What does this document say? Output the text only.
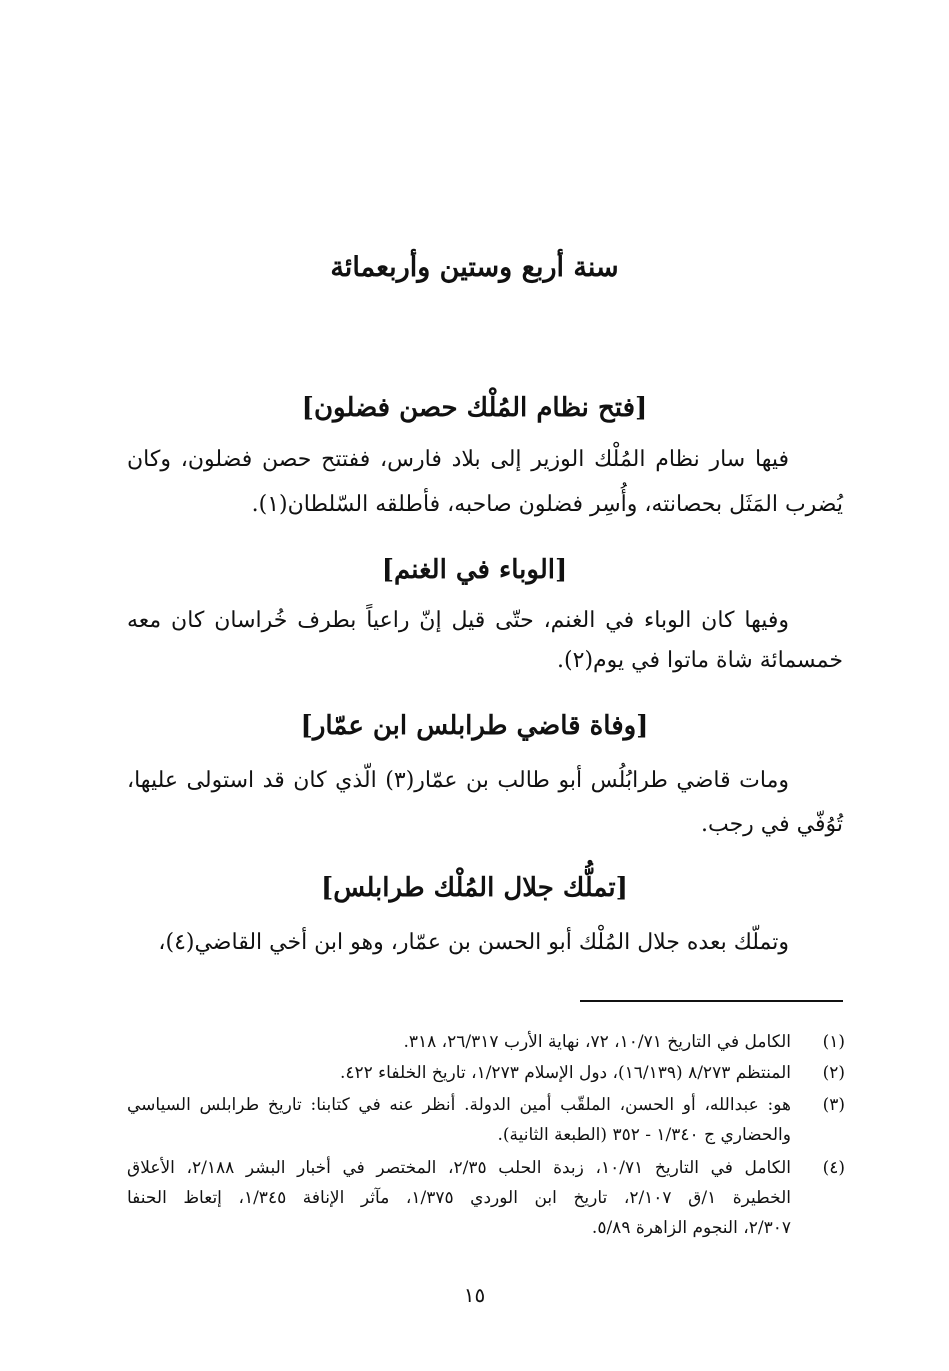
سنة أربع وستين وأربعمائة
[فتح نظام المُلْك حصن فضلون]
فيها سار نظام المُلْك الوزير إلى بلاد فارس، ففتتح حصن فضلون، وكان
يُضرب المَثَل بحصانته، وأُسِر فضلون صاحبه، فأطلقه السّلطان(١).
[الوباء في الغنم]
وفيها كان الوباء في الغنم، حتّى قيل إنّ راعياً بطرف خُراسان كان معه
خمسمائة شاة ماتوا في يوم(٢).
[وفاة قاضي طرابلس ابن عمّار]
ومات قاضي طرابُلُس أبو طالب بن عمّار(٣) الّذي كان قد استولى عليها،
تُوُفّي في رجب.
[تملُّك جلال المُلْك طرابلس]
وتملّك بعده جلال المُلْك أبو الحسن بن عمّار، وهو ابن أخي القاضي(٤)،
(١)
الكامل في التاريخ ١٠/٧١، ٧٢، نهاية الأرب ٢٦/٣١٧، ٣١٨.
(٢)
المنتظم ٨/٢٧٣ (١٦/١٣٩)، دول الإسلام ١/٢٧٣، تاريخ الخلفاء ٤٢٢.
(٣)
هو: عبدالله، أو الحسن، الملقّب أمين الدولة. أنظر عنه في كتابنا: تاريخ طرابلس السياسي
والحضاري ج ١/٣٤٠ - ٣٥٢ (الطبعة الثانية).
(٤)
الكامل في التاريخ ١٠/٧١، زبدة الحلب ٢/٣٥، المختصر في أخبار البشر ٢/١٨٨، الأعلاق
الخطيرة ١/ق ٢/١٠٧، تاريخ ابن الوردي ١/٣٧٥، مآثر الإنافة ١/٣٤٥، إتعاظ الحنفا
٢/٣٠٧، النجوم الزاهرة ٥/٨٩.
١٥
